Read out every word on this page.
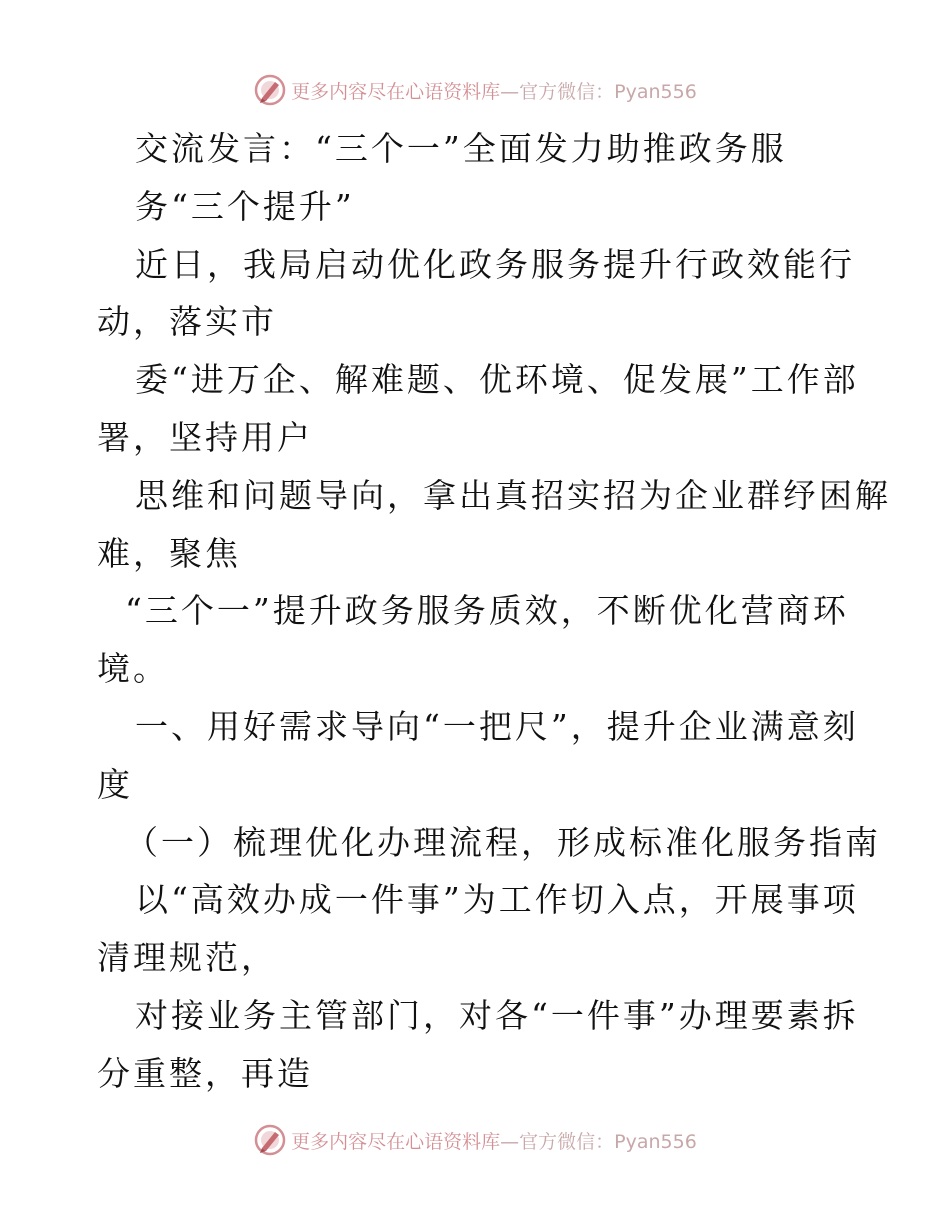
更多内容尽在心语资料库—官方微信：Pyan556
交流发言：“三个一”全面发力助推政务服
务“三个提升”
近日，我局启动优化政务服务提升行政效能行
动，落实市
委“进万企、解难题、优环境、促发展”工作部
署，坚持用户
思维和问题导向，拿出真招实招为企业群纾困解
难，聚焦
“三个一”提升政务服务质效，不断优化营商环
境。
一、用好需求导向“一把尺”，提升企业满意刻
度
（一）梳理优化办理流程，形成标准化服务指南
以“高效办成一件事”为工作切入点，开展事项
清理规范，
对接业务主管部门，对各“一件事”办理要素拆
分重整，再造
更多内容尽在心语资料库—官方微信：Pyan556
